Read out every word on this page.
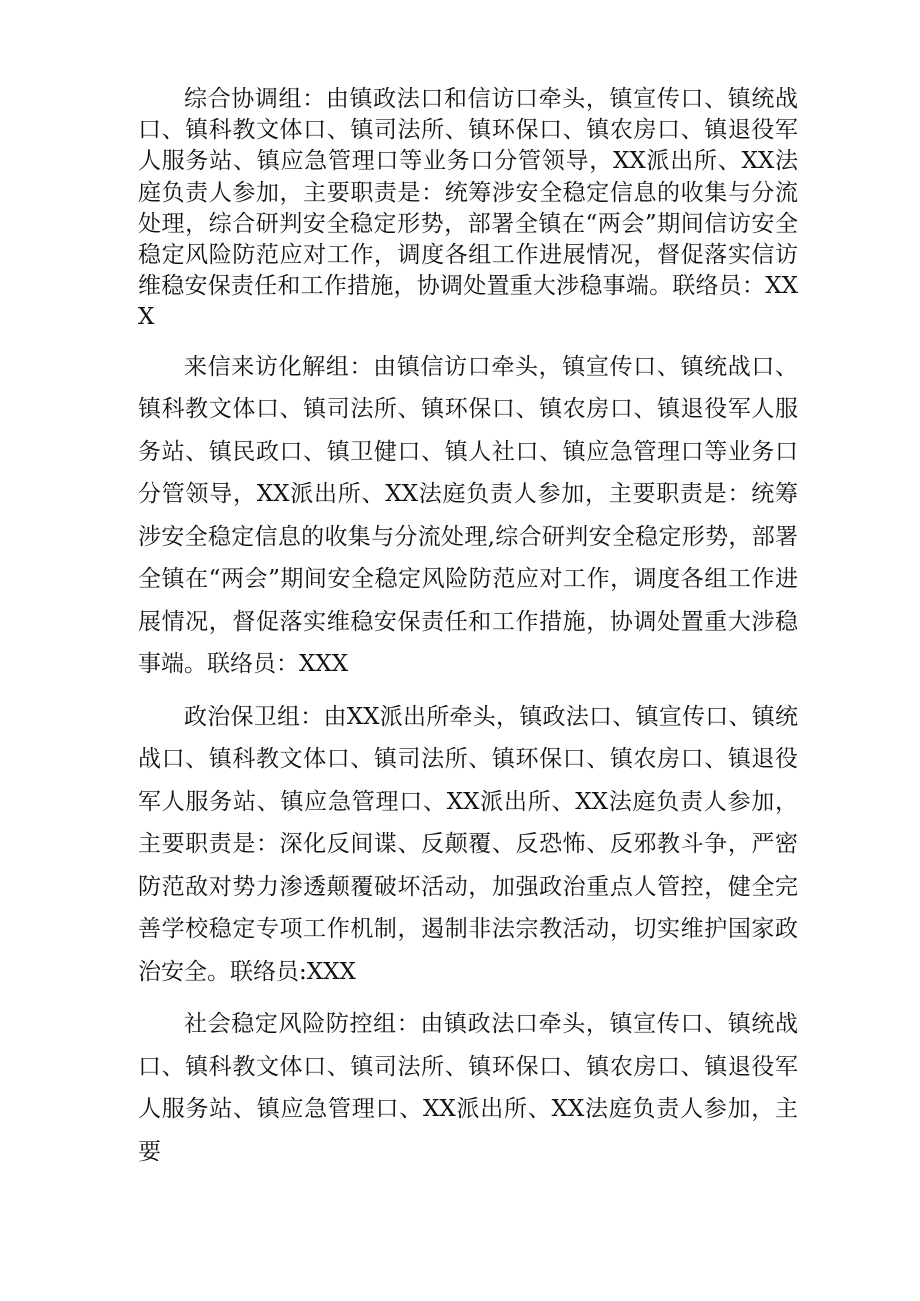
综合协调组：由镇政法口和信访口牵头，镇宣传口、镇统战口、镇科教文体口、镇司法所、镇环保口、镇农房口、镇退役军人服务站、镇应急管理口等业务口分管领导，XX派出所、XX法庭负责人参加，主要职责是：统筹涉安全稳定信息的收集与分流处理，综合研判安全稳定形势，部署全镇在“两会”期间信访安全稳定风险防范应对工作，调度各组工作进展情况，督促落实信访维稳安保责任和工作措施，协调处置重大涉稳事端。联络员：XXX

来信来访化解组：由镇信访口牵头，镇宣传口、镇统战口、镇科教文体口、镇司法所、镇环保口、镇农房口、镇退役军人服务站、镇民政口、镇卫健口、镇人社口、镇应急管理口等业务口分管领导，XX派出所、XX法庭负责人参加，主要职责是：统筹涉安全稳定信息的收集与分流处理,综合研判安全稳定形势，部署全镇在“两会”期间安全稳定风险防范应对工作，调度各组工作进展情况，督促落实维稳安保责任和工作措施，协调处置重大涉稳事端。联络员：XXX

政治保卫组：由XX派出所牵头，镇政法口、镇宣传口、镇统战口、镇科教文体口、镇司法所、镇环保口、镇农房口、镇退役军人服务站、镇应急管理口、XX派出所、XX法庭负责人参加，主要职责是：深化反间谍、反颠覆、反恐怖、反邪教斗争，严密防范敌对势力渗透颠覆破坏活动，加强政治重点人管控，健全完善学校稳定专项工作机制，遏制非法宗教活动，切实维护国家政治安全。联络员:XXX

社会稳定风险防控组：由镇政法口牵头，镇宣传口、镇统战口、镇科教文体口、镇司法所、镇环保口、镇农房口、镇退役军人服务站、镇应急管理口、XX派出所、XX法庭负责人参加，主要
